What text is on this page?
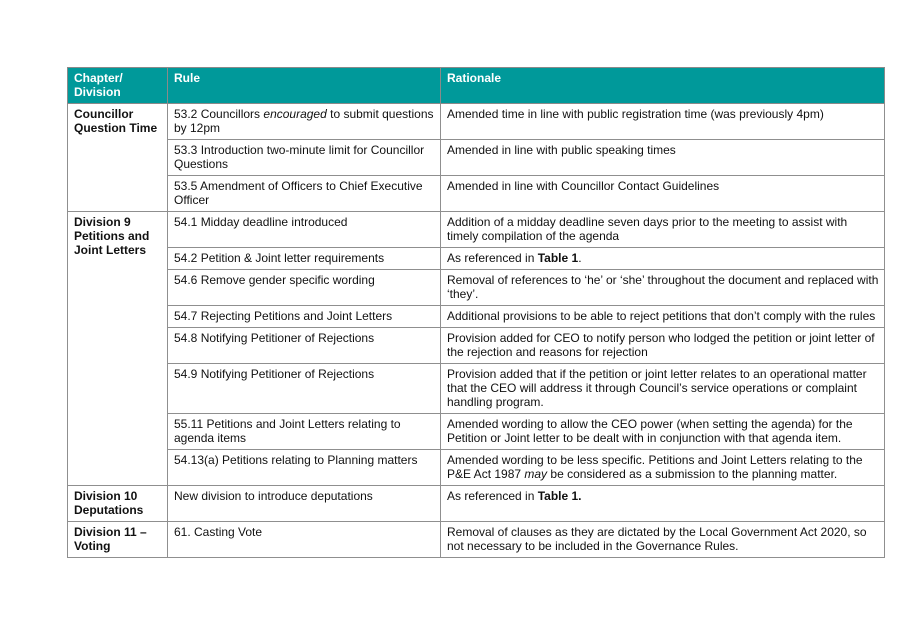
Chapter/ Division	Rule	Rationale
Councillor Question Time	53.2 Councillors encouraged to submit questions by 12pm	Amended time in line with public registration time (was previously 4pm)
	53.3 Introduction two-minute limit for Councillor Questions	Amended in line with public speaking times
	53.5 Amendment of Officers to Chief Executive Officer	Amended in line with Councillor Contact Guidelines
Division 9 Petitions and Joint Letters	54.1 Midday deadline introduced	Addition of a midday deadline seven days prior to the meeting to assist with timely compilation of the agenda
	54.2 Petition & Joint letter requirements	As referenced in Table 1.
	54.6 Remove gender specific wording	Removal of references to ‘he’ or ‘she’ throughout the document and replaced with ‘they’.
	54.7 Rejecting Petitions and Joint Letters	Additional provisions to be able to reject petitions that don’t comply with the rules
	54.8 Notifying Petitioner of Rejections	Provision added for CEO to notify person who lodged the petition or joint letter of the rejection and reasons for rejection
	54.9 Notifying Petitioner of Rejections	Provision added that if the petition or joint letter relates to an operational matter that the CEO will address it through Council’s service operations or complaint handling program.
	55.11 Petitions and Joint Letters relating to agenda items	Amended wording to allow the CEO power (when setting the agenda) for the Petition or Joint letter to be dealt with in conjunction with that agenda item.
	54.13(a) Petitions relating to Planning matters	Amended wording to be less specific. Petitions and Joint Letters relating to the P&E Act 1987 may be considered as a submission to the planning matter.
Division 10 Deputations	New division to introduce deputations	As referenced in Table 1.
Division 11 – Voting	61. Casting Vote	Removal of clauses as they are dictated by the Local Government Act 2020, so not necessary to be included in the Governance Rules.
